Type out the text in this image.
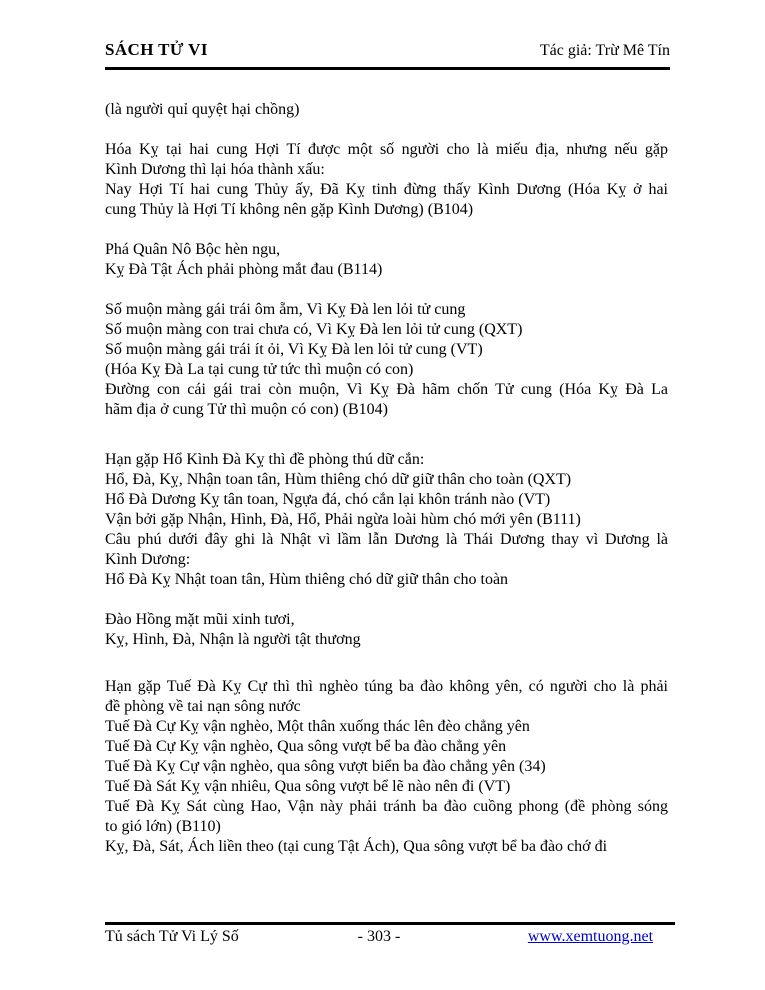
SÁCH TỬ VI	Tác giả: Trừ Mê Tín
(là người quỉ quyệt hại chồng)
Hóa Kỵ tại hai cung Hợi Tí được một số người cho là miếu địa, nhưng nếu gặp
Kình Dương thì lại hóa thành xấu:
Nay Hợi Tí hai cung Thủy ấy, Đã Kỵ tinh đừng thấy Kình Dương (Hóa Kỵ ở hai
cung Thủy là Hợi Tí không nên gặp Kình Dương) (B104)
Phá Quân Nô Bộc hèn ngu,
Kỵ Đà Tật Ách phải phòng mắt đau (B114)
Số muộn màng gái trái ôm ẵm, Vì Kỵ Đà len lỏi tử cung
Số muộn màng con trai chưa có, Vì Kỵ Đà len lỏi tử cung (QXT)
Số muộn màng gái trái ít ỏi, Vì Kỵ Đà len lỏi tử cung (VT)
(Hóa Kỵ Đà La tại cung tử tức thì muộn có con)
Đường con cái gái trai còn muộn, Vì Kỵ Đà hãm chốn Tử cung (Hóa Kỵ Đà La
hãm địa ở cung Tử thì muộn có con) (B104)
Hạn gặp Hổ Kình Đà Kỵ thì đề phòng thú dữ cắn:
Hổ, Đà, Kỵ, Nhận toan tân, Hùm thiêng chó dữ giữ thân cho toàn (QXT)
Hổ Đà Dương Kỵ tân toan, Ngựa đá, chó cắn lại khôn tránh nào (VT)
Vận bởi gặp Nhận, Hình, Đà, Hổ, Phải ngừa loài hùm chó mới yên (B111)
Câu phú dưới đây ghi là Nhật vì lầm lẫn Dương là Thái Dương thay vì Dương là
Kình Dương:
Hổ Đà Kỵ Nhật toan tân, Hùm thiêng chó dữ giữ thân cho toàn
Đào Hồng mặt mũi xinh tươi,
Kỵ, Hình, Đà, Nhận là người tật thương
Hạn gặp Tuế Đà Kỵ Cự thì thì nghèo túng ba đào không yên, có người cho là phải
đề phòng về tai nạn sông nước
Tuế Đà Cự Kỵ vận nghèo, Một thân xuống thác lên đèo chẳng yên
Tuế Đà Cự Kỵ vận nghèo, Qua sông vượt bể ba đào chẳng yên
Tuế Đà Kỵ Cự vận nghèo, qua sông vượt biển ba đào chẳng yên (34)
Tuế Đà Sát Kỵ vận nhiêu, Qua sông vượt bể lẽ nào nên đi (VT)
Tuế Đà Kỵ Sát cùng Hao, Vận này phải tránh ba đào cuồng phong (đề phòng sóng
to gió lớn) (B110)
Kỵ, Đà, Sát, Ách liền theo (tại cung Tật Ách), Qua sông vượt bể ba đào chớ đi
Tủ sách Tử Vi Lý Số	- 303 -	www.xemtuong.net
